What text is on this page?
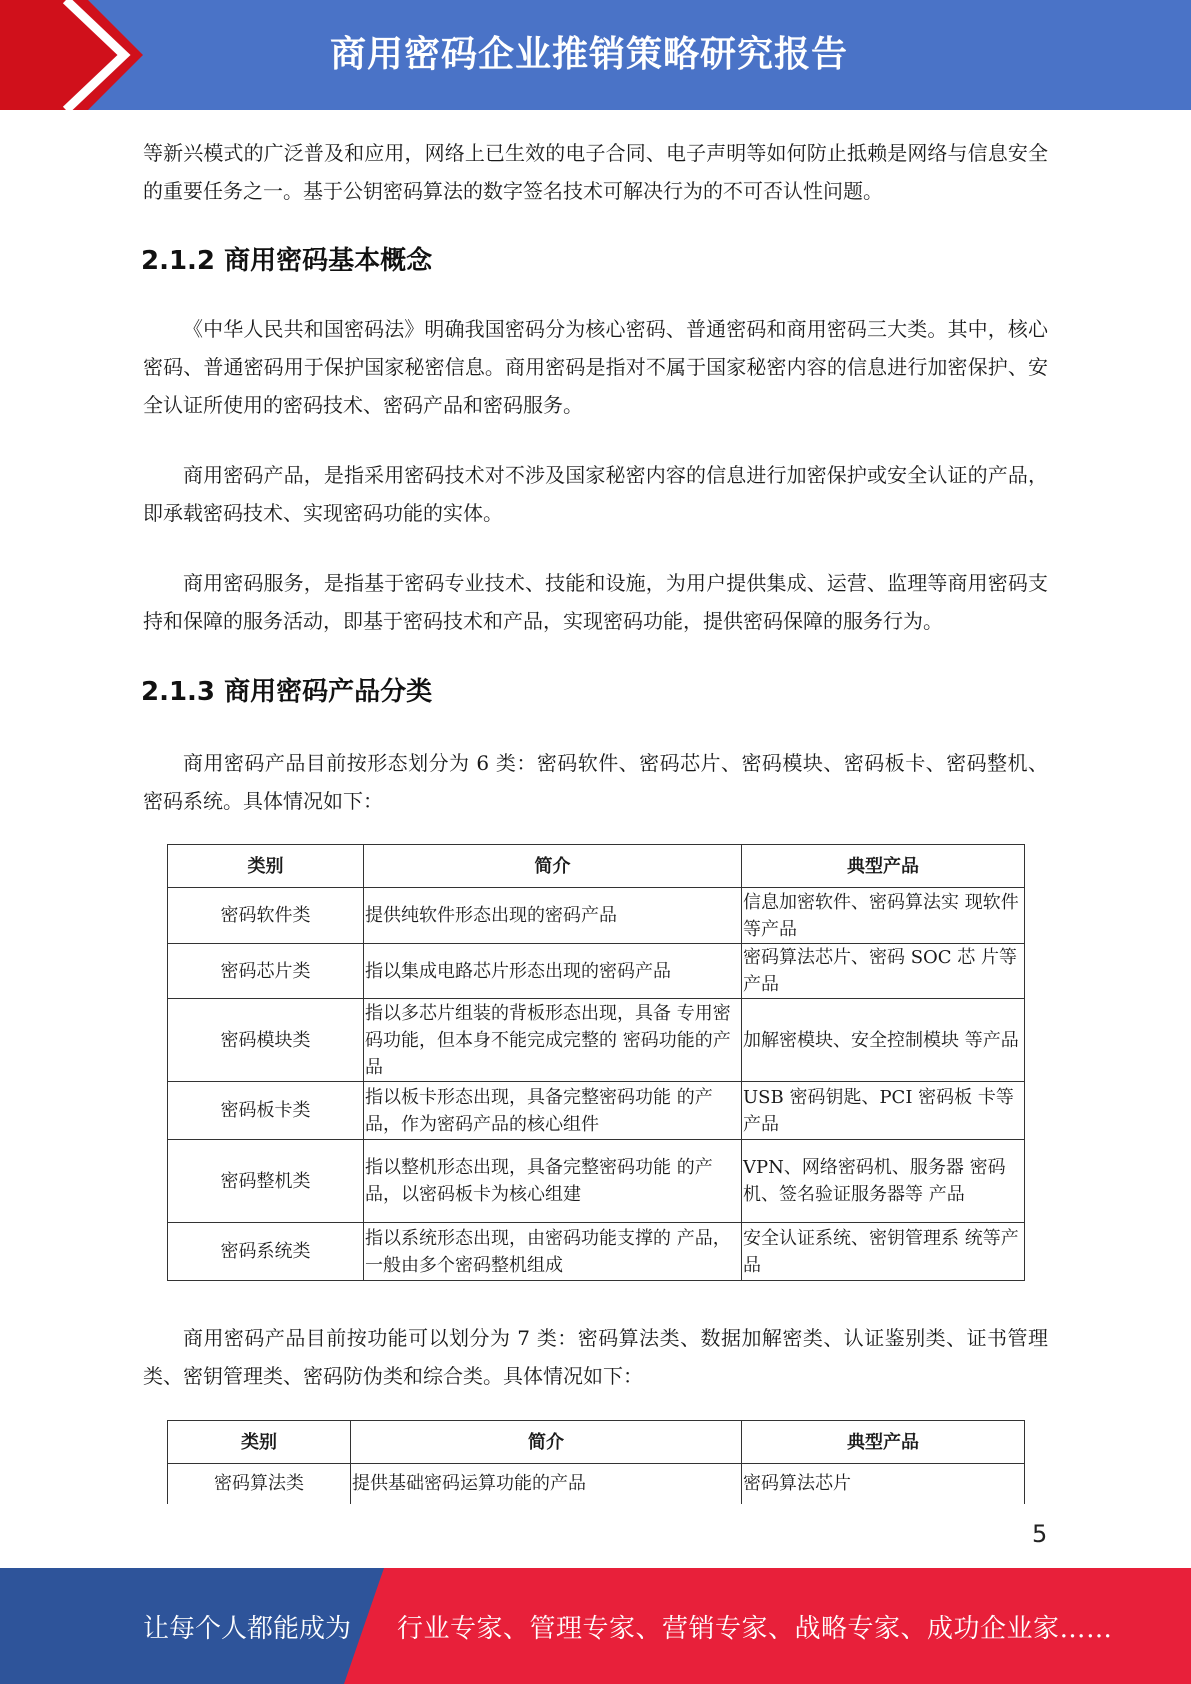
商用密码企业推销策略研究报告

等新兴模式的广泛普及和应用，网络上已生效的电子合同、电子声明等如何防止抵赖是网络与信息安全的重要任务之一。基于公钥密码算法的数字签名技术可解决行为的不可否认性问题。

2.1.2 商用密码基本概念

《中华人民共和国密码法》明确我国密码分为核心密码、普通密码和商用密码三大类。其中，核心密码、普通密码用于保护国家秘密信息。商用密码是指对不属于国家秘密内容的信息进行加密保护、安全认证所使用的密码技术、密码产品和密码服务。

商用密码产品，是指采用密码技术对不涉及国家秘密内容的信息进行加密保护或安全认证的产品，即承载密码技术、实现密码功能的实体。

商用密码服务，是指基于密码专业技术、技能和设施，为用户提供集成、运营、监理等商用密码支持和保障的服务活动，即基于密码技术和产品，实现密码功能，提供密码保障的服务行为。

2.1.3 商用密码产品分类

商用密码产品目前按形态划分为 6 类：密码软件、密码芯片、密码模块、密码板卡、密码整机、密码系统。具体情况如下：

类别	简介	典型产品
密码软件类	提供纯软件形态出现的密码产品	信息加密软件、密码算法实 现软件等产品
密码芯片类	指以集成电路芯片形态出现的密码产品	密码算法芯片、密码 SOC 芯 片等产品
密码模块类	指以多芯片组装的背板形态出现，具备 专用密码功能，但本身不能完成完整的 密码功能的产品	加解密模块、安全控制模块 等产品
密码板卡类	指以板卡形态出现，具备完整密码功能 的产品，作为密码产品的核心组件	USB 密码钥匙、PCI 密码板 卡等产品
密码整机类	指以整机形态出现，具备完整密码功能 的产品，以密码板卡为核心组建	VPN、网络密码机、服务器 密码机、签名验证服务器等 产品
密码系统类	指以系统形态出现，由密码功能支撑的 产品，一般由多个密码整机组成	安全认证系统、密钥管理系 统等产品

商用密码产品目前按功能可以划分为 7 类：密码算法类、数据加解密类、认证鉴别类、证书管理类、密钥管理类、密码防伪类和综合类。具体情况如下：

类别	简介	典型产品
密码算法类	提供基础密码运算功能的产品	密码算法芯片
5
让每个人都能成为 行业专家、管理专家、营销专家、战略专家、成功企业家……
